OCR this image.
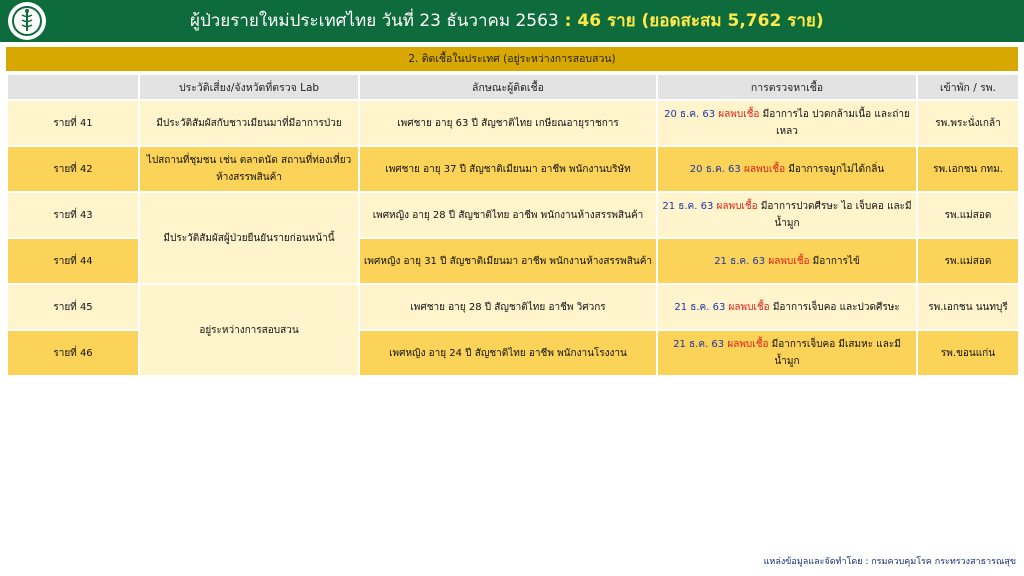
ผู้ป่วยรายใหม่ประเทศไทย วันที่ 23 ธันวาคม 2563 : 46 ราย (ยอดสะสม 5,762 ราย)
2. ติดเชื้อในประเทศ (อยู่ระหว่างการสอบสวน)
	ประวัติเสี่ยง/จังหวัดที่ตรวจ Lab	ลักษณะผู้ติดเชื้อ	การตรวจหาเชื้อ	เข้าพัก / รพ.
รายที่ 41	มีประวัติสัมผัสกับชาวเมียนมาที่มีอาการป่วย	เพศชาย อายุ 63 ปี สัญชาติไทย เกษียณอายุราชการ	20 ธ.ค. 63 ผลพบเชื้อ มีอาการไอ ปวดกล้ามเนื้อ และถ่ายเหลว	รพ.พระนั่งเกล้า
รายที่ 42	ไปสถานที่ชุมชน เช่น ตลาดนัด สถานที่ท่องเที่ยว ห้างสรรพสินค้า	เพศชาย อายุ 37 ปี สัญชาติเมียนมา อาชีพ พนักงานบริษัท	20 ธ.ค. 63 ผลพบเชื้อ มีอาการจมูกไม่ได้กลิ่น	รพ.เอกชน กทม.
รายที่ 43	มีประวัติสัมผัสผู้ป่วยยืนยันรายก่อนหน้านี้	เพศหญิง อายุ 28 ปี สัญชาติไทย อาชีพ พนักงานห้างสรรพสินค้า	21 ธ.ค. 63 ผลพบเชื้อ มีอาการปวดศีรษะ ไอ เจ็บคอ และมีน้ำมูก	รพ.แม่สอด
รายที่ 44		เพศหญิง อายุ 31 ปี สัญชาติเมียนมา อาชีพ พนักงานห้างสรรพสินค้า	21 ธ.ค. 63 ผลพบเชื้อ มีอาการไข้	รพ.แม่สอด
รายที่ 45	อยู่ระหว่างการสอบสวน	เพศชาย อายุ 28 ปี สัญชาติไทย อาชีพ วิศวกร	21 ธ.ค. 63 ผลพบเชื้อ มีอาการเจ็บคอ และปวดศีรษะ	รพ.เอกชน นนทบุรี
รายที่ 46		เพศหญิง อายุ 24 ปี สัญชาติไทย อาชีพ พนักงานโรงงาน	21 ธ.ค. 63 ผลพบเชื้อ มีอาการเจ็บคอ มีเสมหะ และมีน้ำมูก	รพ.ขอนแก่น
แหล่งข้อมูลและจัดทำโดย : กรมควบคุมโรค กระทรวงสาธารณสุข
